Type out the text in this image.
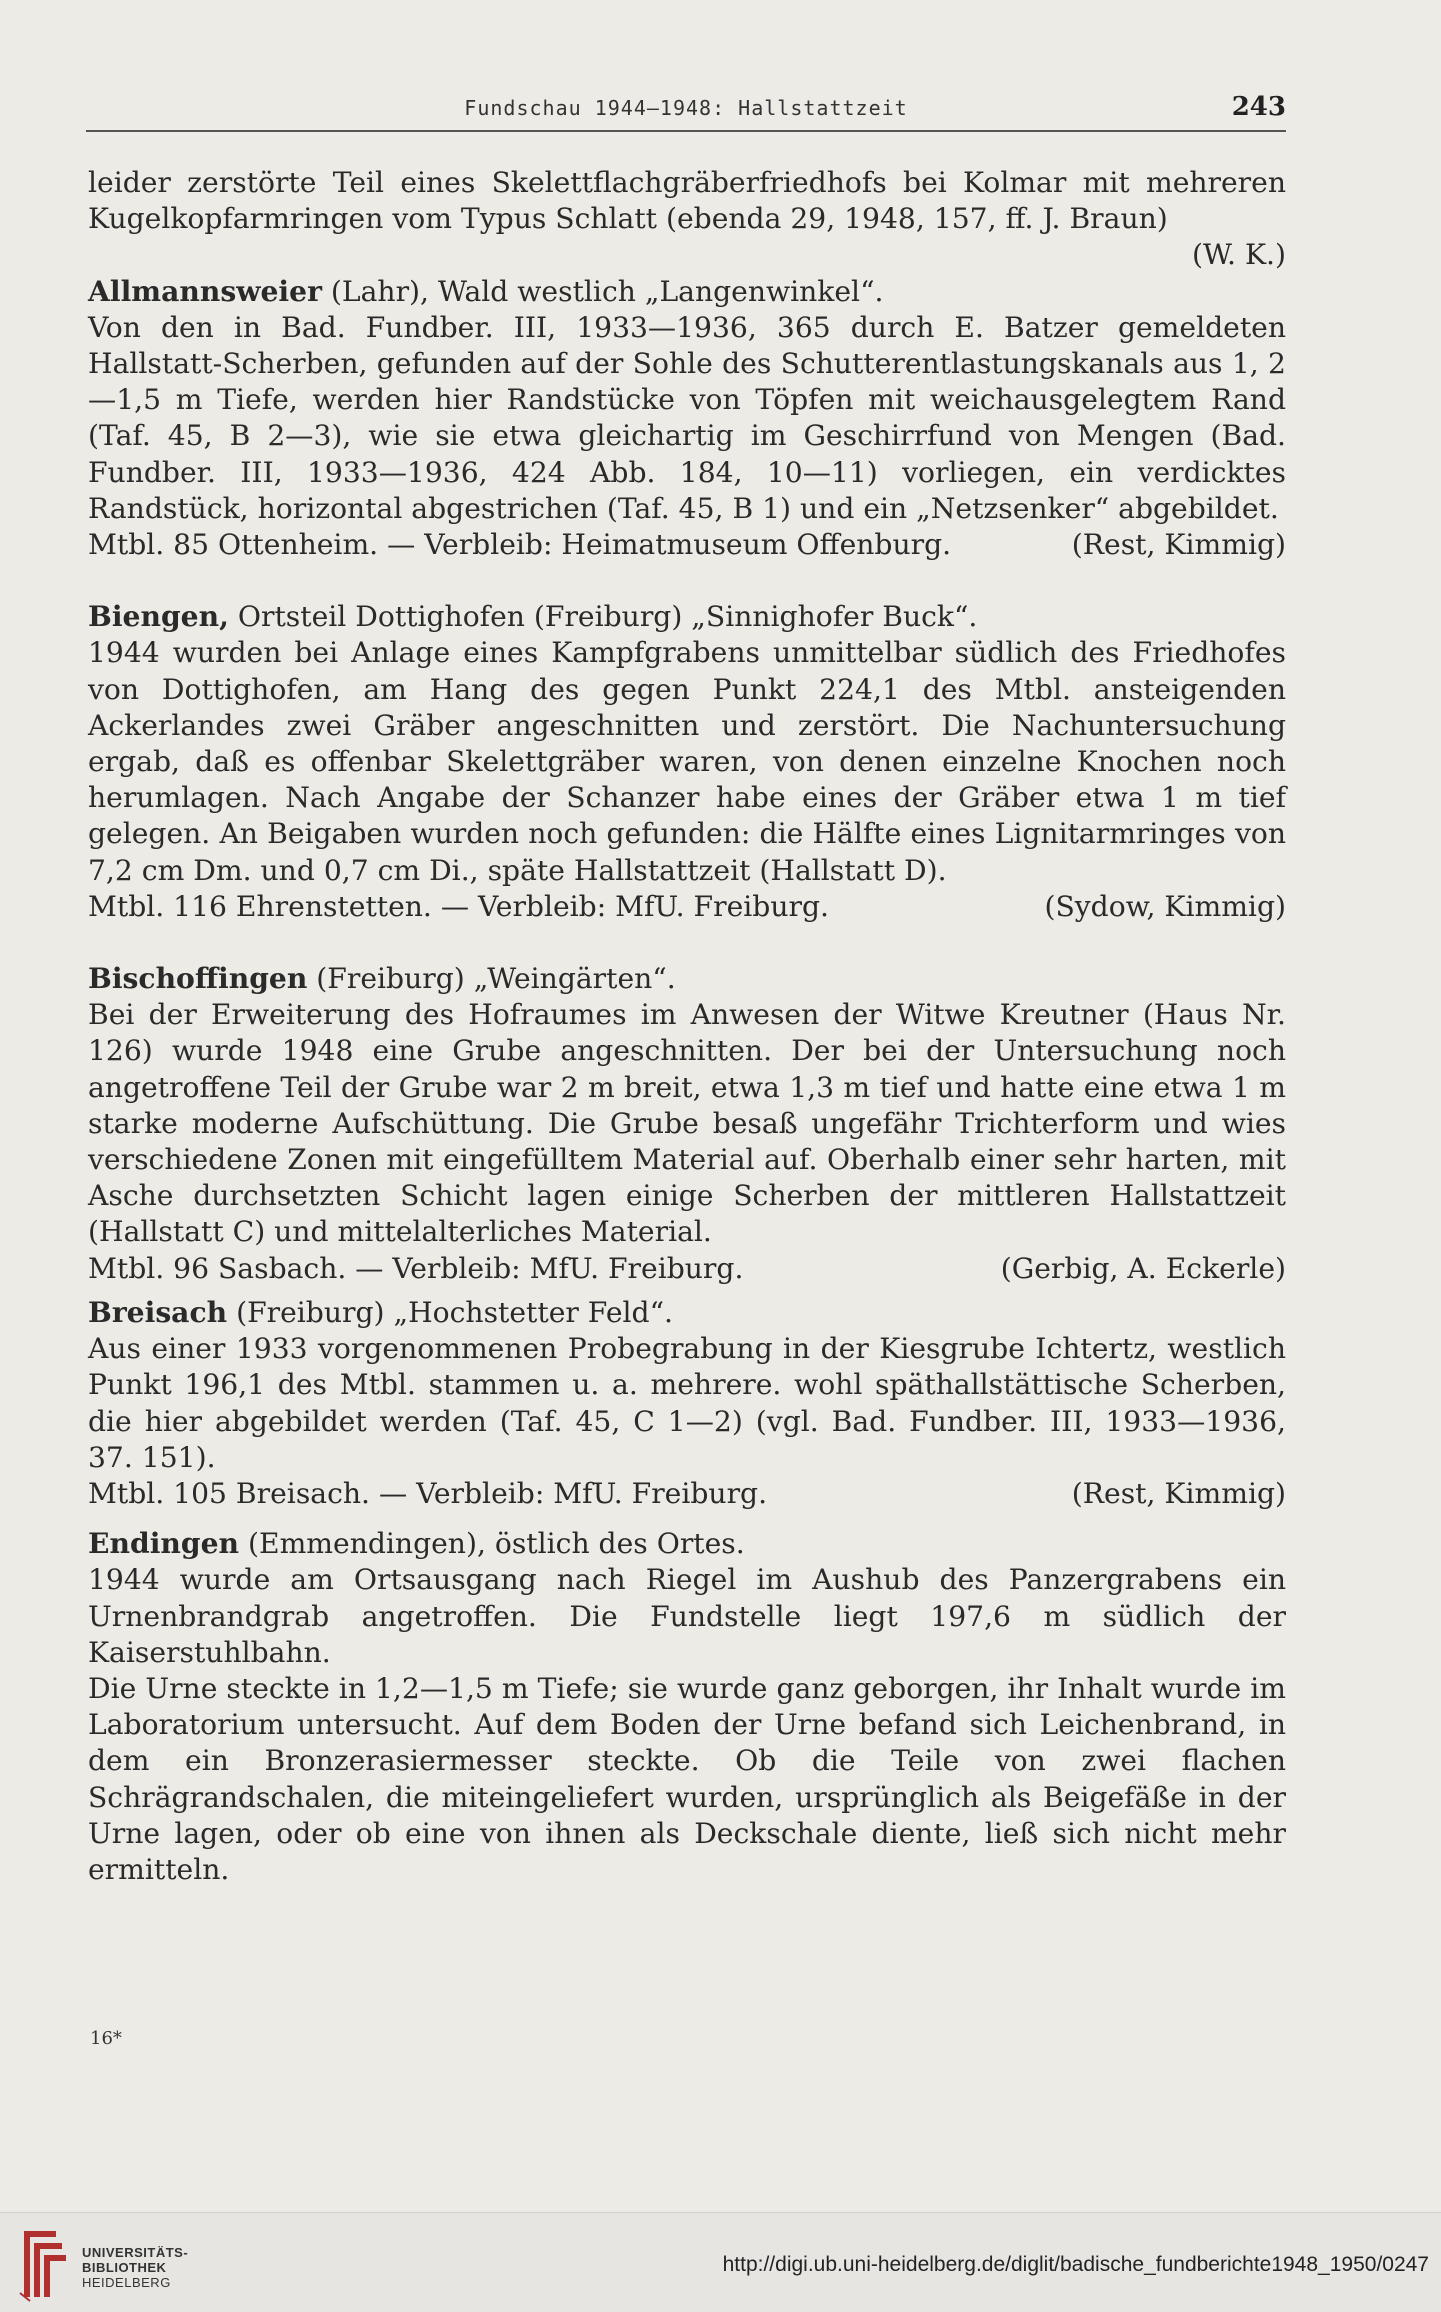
Fundschau 1944—1948: Hallstattzeit	243

leider zerstörte Teil eines Skelettflachgräberfriedhofs bei Kolmar mit mehreren Kugelkopfarmringen vom Typus Schlatt (ebenda 29, 1948, 157, ff. J. Braun)

(W. K.)

Allmannsweier (Lahr), Wald westlich „Langenwinkel“.

Von den in Bad. Fundber. III, 1933—1936, 365 durch E. Batzer gemeldeten Hallstatt-Scherben, gefunden auf der Sohle des Schutterentlastungskanals aus 1, 2—1,5 m Tiefe, werden hier Randstücke von Töpfen mit weichausgelegtem Rand (Taf. 45, B 2—3), wie sie etwa gleichartig im Geschirrfund von Mengen (Bad. Fundber. III, 1933—1936, 424 Abb. 184, 10—11) vorliegen, ein verdicktes Randstück, horizontal abgestrichen (Taf. 45, B 1) und ein „Netzsenker“ abgebildet.

Mtbl. 85 Ottenheim. — Verbleib: Heimatmuseum Offenburg.	(Rest, Kimmig)

Biengen, Ortsteil Dottighofen (Freiburg) „Sinnighofer Buck“.

1944 wurden bei Anlage eines Kampfgrabens unmittelbar südlich des Friedhofes von Dottighofen, am Hang des gegen Punkt 224,1 des Mtbl. ansteigenden Ackerlandes zwei Gräber angeschnitten und zerstört. Die Nachuntersuchung ergab, daß es offenbar Skelettgräber waren, von denen einzelne Knochen noch herumlagen. Nach Angabe der Schanzer habe eines der Gräber etwa 1 m tief gelegen. An Beigaben wurden noch gefunden: die Hälfte eines Lignitarmringes von 7,2 cm Dm. und 0,7 cm Di., späte Hallstattzeit (Hallstatt D).

Mtbl. 116 Ehrenstetten. — Verbleib: MfU. Freiburg.	(Sydow, Kimmig)

Bischoffingen (Freiburg) „Weingärten“.

Bei der Erweiterung des Hofraumes im Anwesen der Witwe Kreutner (Haus Nr. 126) wurde 1948 eine Grube angeschnitten. Der bei der Untersuchung noch angetroffene Teil der Grube war 2 m breit, etwa 1,3 m tief und hatte eine etwa 1 m starke moderne Aufschüttung. Die Grube besaß ungefähr Trichterform und wies verschiedene Zonen mit eingefülltem Material auf. Oberhalb einer sehr harten, mit Asche durchsetzten Schicht lagen einige Scherben der mittleren Hallstattzeit (Hallstatt C) und mittelalterliches Material.

Mtbl. 96 Sasbach. — Verbleib: MfU. Freiburg.	(Gerbig, A. Eckerle)

Breisach (Freiburg) „Hochstetter Feld“.

Aus einer 1933 vorgenommenen Probegrabung in der Kiesgrube Ichtertz, westlich Punkt 196,1 des Mtbl. stammen u. a. mehrere. wohl späthallstättische Scherben, die hier abgebildet werden (Taf. 45, C 1—2) (vgl. Bad. Fundber. III, 1933—1936, 37. 151).

Mtbl. 105 Breisach. — Verbleib: MfU. Freiburg.	(Rest, Kimmig)

Endingen (Emmendingen), östlich des Ortes.

1944 wurde am Ortsausgang nach Riegel im Aushub des Panzergrabens ein Urnenbrandgrab angetroffen. Die Fundstelle liegt 197,6 m südlich der Kaiserstuhlbahn.

Die Urne steckte in 1,2—1,5 m Tiefe; sie wurde ganz geborgen, ihr Inhalt wurde im Laboratorium untersucht. Auf dem Boden der Urne befand sich Leichenbrand, in dem ein Bronzerasiermesser steckte. Ob die Teile von zwei flachen Schrägrandschalen, die miteingeliefert wurden, ursprünglich als Beigefäße in der Urne lagen, oder ob eine von ihnen als Deckschale diente, ließ sich nicht mehr ermitteln.

16*
UNIVERSITÄTS-
BIBLIOTHEK
HEIDELBERG
http://digi.ub.uni-heidelberg.de/diglit/badische_fundberichte1948_1950/0247
